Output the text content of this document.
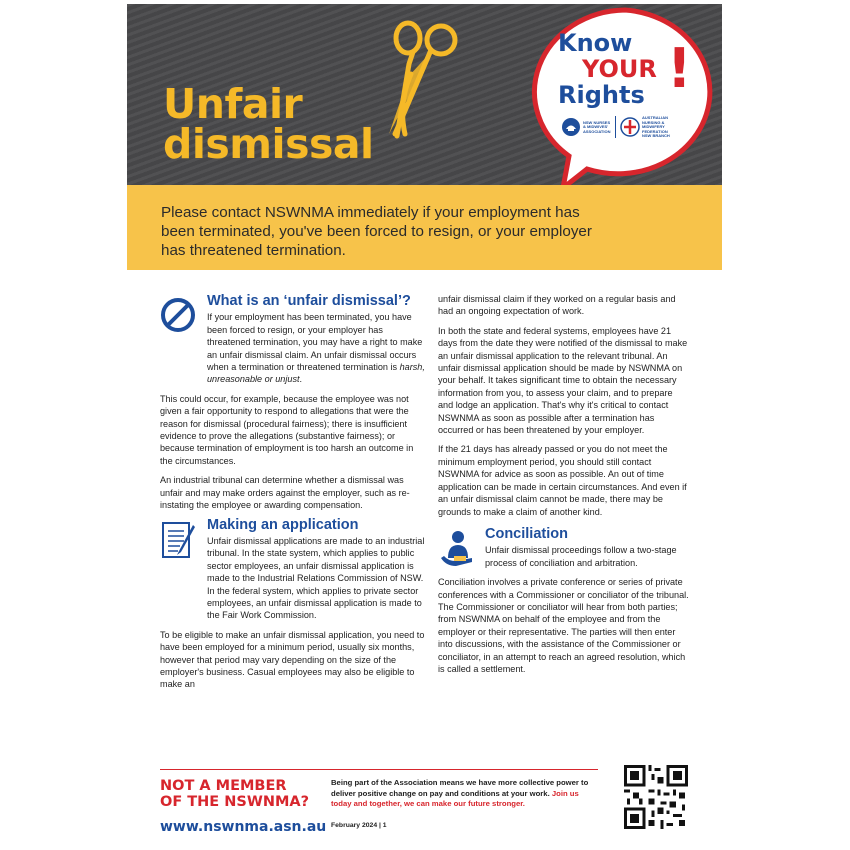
Unfair
dismissal
Know
YOUR
Rights !
NSW NURSES & MIDWIVES' ASSOCIATION
AUSTRALIAN NURSING & MIDWIFERY FEDERATION NSW BRANCH
Please contact NSWNMA immediately if your employment has been terminated, you've been forced to resign, or your employer has threatened termination.
What is an ‘unfair dismissal’?

If your employment has been terminated, you have been forced to resign, or your employer has threatened termination, you may have a right to make an unfair dismissal claim. An unfair dismissal occurs when a termination or threatened termination is harsh, unreasonable or unjust.

This could occur, for example, because the employee was not given a fair opportunity to respond to allegations that were the reason for dismissal (procedural fairness); there is insufficient evidence to prove the allegations (substantive fairness); or because termination of employment is too harsh an outcome in the circumstances.

An industrial tribunal can determine whether a dismissal was unfair and may make orders against the employer, such as re-instating the employee or awarding compensation.

Making an application

Unfair dismissal applications are made to an industrial tribunal. In the state system, which applies to public sector employees, an unfair dismissal application is made to the Industrial Relations Commission of NSW. In the federal system, which applies to private sector employees, an unfair dismissal application is made to the Fair Work Commission.

To be eligible to make an unfair dismissal application, you need to have been employed for a minimum period, usually six months, however that period may vary depending on the size of the employer's business. Casual employees may also be eligible to make an

unfair dismissal claim if they worked on a regular basis and had an ongoing expectation of work.

In both the state and federal systems, employees have 21 days from the date they were notified of the dismissal to make an unfair dismissal application to the relevant tribunal. An unfair dismissal application should be made by NSWNMA on your behalf. It takes significant time to obtain the necessary information from you, to assess your claim, and to prepare and lodge an application. That's why it's critical to contact NSWNMA as soon as possible after a termination has occurred or has been threatened by your employer.

If the 21 days has already passed or you do not meet the minimum employment period, you should still contact NSWNMA for advice as soon as possible. An out of time application can be made in certain circumstances. And even if an unfair dismissal claim cannot be made, there may be grounds to make a claim of another kind.

Conciliation

Unfair dismissal proceedings follow a two-stage process of conciliation and arbitration.

Conciliation involves a private conference or series of private conferences with a Commissioner or conciliator of the tribunal. The Commissioner or conciliator will hear from both parties; from NSWNMA on behalf of the employee and from the employer or their representative. The parties will then enter into discussions, with the assistance of the Commissioner or conciliator, in an attempt to reach an agreed resolution, which is called a settlement.

NOT A MEMBER
OF THE NSWNMA?
www.nswnma.asn.au
Being part of the Association means we have more collective power to deliver positive change on pay and conditions at your work. Join us today and together, we can make our future stronger.
February 2024 | 1
